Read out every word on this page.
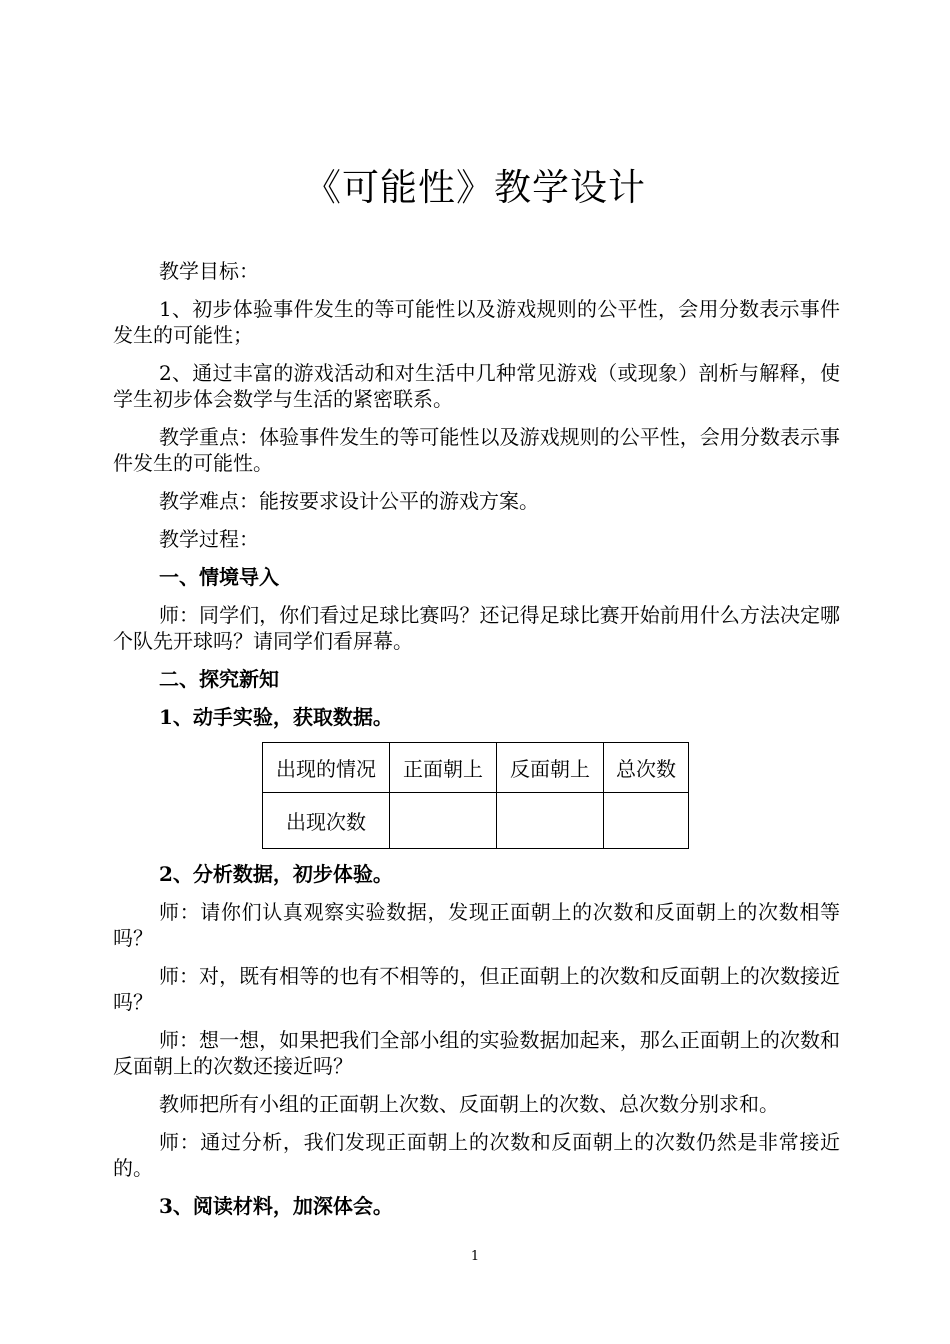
《可能性》教学设计

教学目标：

1、初步体验事件发生的等可能性以及游戏规则的公平性，会用分数表示事件发生的可能性；

2、通过丰富的游戏活动和对生活中几种常见游戏（或现象）剖析与解释，使学生初步体会数学与生活的紧密联系。

教学重点：体验事件发生的等可能性以及游戏规则的公平性，会用分数表示事件发生的可能性。

教学难点：能按要求设计公平的游戏方案。

教学过程：

一、情境导入

师：同学们，你们看过足球比赛吗？还记得足球比赛开始前用什么方法决定哪个队先开球吗？请同学们看屏幕。

二、探究新知

1、动手实验，获取数据。

出现的情况	正面朝上	反面朝上	总次数
出现次数			

2、分析数据，初步体验。

师：请你们认真观察实验数据，发现正面朝上的次数和反面朝上的次数相等吗？

师：对，既有相等的也有不相等的，但正面朝上的次数和反面朝上的次数接近吗？

师：想一想，如果把我们全部小组的实验数据加起来，那么正面朝上的次数和反面朝上的次数还接近吗？

教师把所有小组的正面朝上次数、反面朝上的次数、总次数分别求和。

师：通过分析，我们发现正面朝上的次数和反面朝上的次数仍然是非常接近的。

3、阅读材料，加深体会。

1
